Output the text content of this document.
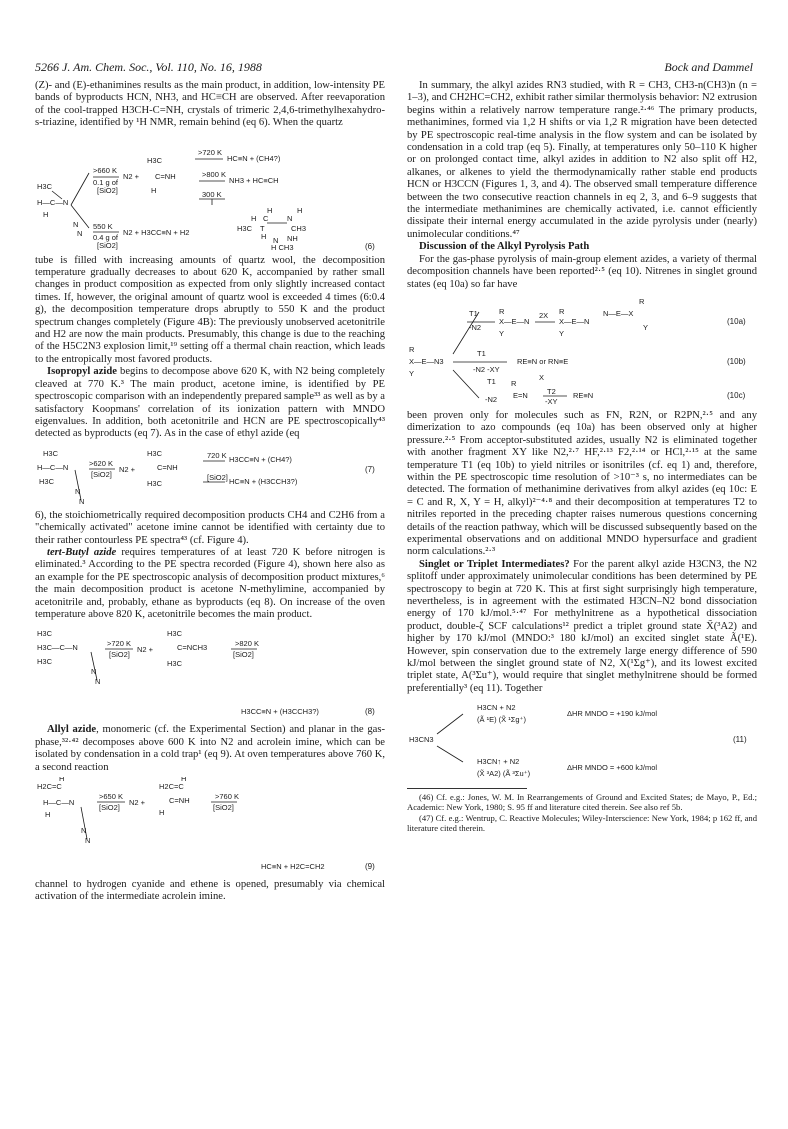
5266 J. Am. Chem. Soc., Vol. 110, No. 16, 1988	Bock and Dammel

(Z)- and (E)-ethanimines results as the main product, in addition, low-intensity PE bands of byproducts HCN, NH3, and HC≡CH are observed. After reevaporation of the cool-trapped H3CH-C=NH, crystals of trimeric 2,4,6-trimethylhexahydro-s-triazine, identified by ¹H NMR, remain behind (eq 6). When the quartz

H3C
H—C—N
H
N
N
>660 K
0.1 g of
[SiO2]
N2 +
H3C
C=NH
H
>720 K
HC≡N + (CH4?)
>800 K
NH3 + HC≡CH
300 K
550 K
0.4 g of
[SiO2]
N2 + H3CC≡N + H2
H
H C N
H
H3C T	CH3
H N NH
H CH3	(6)

tube is filled with increasing amounts of quartz wool, the decomposition temperature gradually decreases to about 620 K, accompanied by rather small changes in product composition as expected from only slightly increased contact times. If, however, the original amount of quartz wool is exceeded 4 times (6:0.4 g), the decomposition temperature drops abruptly to 550 K and the product spectrum changes completely (Figure 4B): The previously unobserved acetonitrile and H2 are now the main products. Presumably, this change is due to the reaching of the H5C2N3 explosion limit,¹⁹ setting off a thermal chain reaction, which leads to the entropically most favored products.

Isopropyl azide begins to decompose above 620 K, with N2 being completely cleaved at 770 K.³ The main product, acetone imine, is identified by PE spectroscopic comparison with an independently prepared sample³³ as well as by a satisfactory Koopmans' correlation of its ionization pattern with MNDO eigenvalues. In addition, both acetonitrile and HCN are PE spectroscopically⁴³ detected as byproducts (eq 7). As in the case of ethyl azide (eq

H3C
H—C—N
H3C
N
N
>620 K
[SiO2]
N2 +
H3C
C=NH
H3C
720 K
[SiO2]
H3CC≡N + (CH4?)
HC≡N + (H3CCH3?)
(7)

6), the stoichiometrically required decomposition products CH4 and C2H6 from a "chemically activated" acetone imine cannot be identified with certainty due to their rather contourless PE spectra⁴³ (cf. Figure 4).

tert-Butyl azide requires temperatures of at least 720 K before nitrogen is eliminated.³ According to the PE spectra recorded (Figure 4), shown here also as an example for the PE spectroscopic analysis of decomposition product mixtures,⁶ the main decomposition product is acetone N-methylimine, accompanied by acetonitrile and, probably, ethane as byproducts (eq 8). On increase of the oven temperature above 820 K, acetonitrile becomes the main product.

H3C
H3C—C—N
H3C
N
N
>720 K
[SiO2]
N2 +
H3C
C=NCH3
H3C
>820 K
[SiO2]
H3CC≡N + (H3CCH3?)	(8)

Allyl azide, monomeric (cf. the Experimental Section) and planar in the gas-phase,³²·⁴² decomposes above 600 K into N2 and acrolein imine, which can be isolated by condensation in a cold trap¹ (eq 9). At oven temperatures above 760 K, a second reaction

H2C=C
H
H—C—N
H
N
N
>650 K
[SiO2]
N2 +
H2C=C
H
C=NH
H
>760 K
[SiO2]
HC≡N + H2C=CH2	(9)

channel to hydrogen cyanide and ethene is opened, presumably via chemical activation of the intermediate acrolein imine.

In summary, the alkyl azides RN3 studied, with R = CH3, CH3-n(CH3)n (n = 1–3), and CH2HC=CH2, exhibit rather similar thermolysis behavior: N2 extrusion begins within a relatively narrow temperature range.²·⁴⁶ The primary products, methanimines, formed via 1,2 H shifts or via 1,2 R migration have been detected by PE spectroscopic real-time analysis in the flow system and can be isolated by condensation in a cold trap (eq 5). Finally, at temperatures only 50–110 K higher or on prolonged contact time, alkyl azides in addition to N2 also split off H2, alkanes, or alkenes to yield the thermodynamically rather stable end products HCN or H3CCN (Figures 1, 3, and 4). The observed small temperature difference between the two consecutive reaction channels in eq 2, 3, and 6–9 suggests that the intermediate methanimines are chemically activated, i.e. cannot efficiently dissipate their internal energy accumulated in the azide pyrolysis under (nearly) unimolecular conditions.⁴⁷

Discussion of the Alkyl Pyrolysis Path

For the gas-phase pyrolysis of main-group element azides, a variety of thermal decomposition channels have been reported²·⁵ (eq 10). Nitrenes in singlet ground states (eq 10a) so far have

R
X—E—N3
Y
T1
-N2
R
X—E—N
Y
2X R
X—E—N
Y
N—E—X
R
Y
T1
-N2 -XY
RE≡N or RN≡E
T1
-N2
R
E=N
X
T2
-XY
RE≡N
(10a)
(10b)
(10c)

been proven only for molecules such as FN, R2N, or R2PN,²·⁵ and any dimerization to azo compounds (eq 10a) has been observed only at higher pressure.²·⁵ From acceptor-substituted azides, usually N2 is eliminated together with another fragment XY like N2,²·⁷ HF,²·¹³ F2,²·¹⁴ or HCl,²·¹⁵ at the same temperature T1 (eq 10b) to yield nitriles or isonitriles (cf. eq 1) and, therefore, within the PE spectroscopic time resolution of >10⁻³ s, no intermediates can be detected. The formation of methanimine derivatives from alkyl azides (eq 10c: E = C and R, X, Y = H, alkyl)²⁻⁴·⁸ and their decomposition at temperatures T2 to nitriles reported in the preceding chapter raises numerous questions concerning details of the reaction pathway, which will be discussed subsequently based on the experimental observations and on additional MNDO hypersurface and gradient norm calculations.²·³

Singlet or Triplet Intermediates? For the parent alkyl azide H3CN3, the N2 splitoff under approximately unimolecular conditions has been determined by PE spectroscopy to begin at 720 K. This at first sight surprisingly high temperature, nevertheless, is in agreement with the estimated H3CN–N2 bond dissociation energy of 170 kJ/mol.⁵·⁴⁷ For methylnitrene as a hypothetical dissociation product, double-ζ SCF calculations¹² predict a triplet ground state X̃(³A2) and higher by 170 kJ/mol (MNDO:³ 180 kJ/mol) an excited singlet state Ã(¹E). However, spin conservation due to the extremely large energy difference of 590 kJ/mol between the singlet ground state of N2, X(¹Σg⁺), and its lowest excited triplet state, A(³Σu⁺), would require that singlet methylnitrene should be formed preferentially³ (eq 11). Together

H3CN + N2
(Ã ¹E) (X̃ ¹Σg⁺)
ΔHR MNDO = +190 kJ/mol
H3CN3
H3CN↑ + N2
(X̃ ³A2) (Ã ³Σu⁺)
ΔHR MNDO = +600 kJ/mol
(11)

(46) Cf. e.g.: Jones, W. M. In Rearrangements of Ground and Excited States; de Mayo, P., Ed.; Academic: New York, 1980; S. 95 ff and literature cited therein. See also ref 5b.

(47) Cf. e.g.: Wentrup, C. Reactive Molecules; Wiley-Interscience: New York, 1984; p 162 ff, and literature cited therein.
